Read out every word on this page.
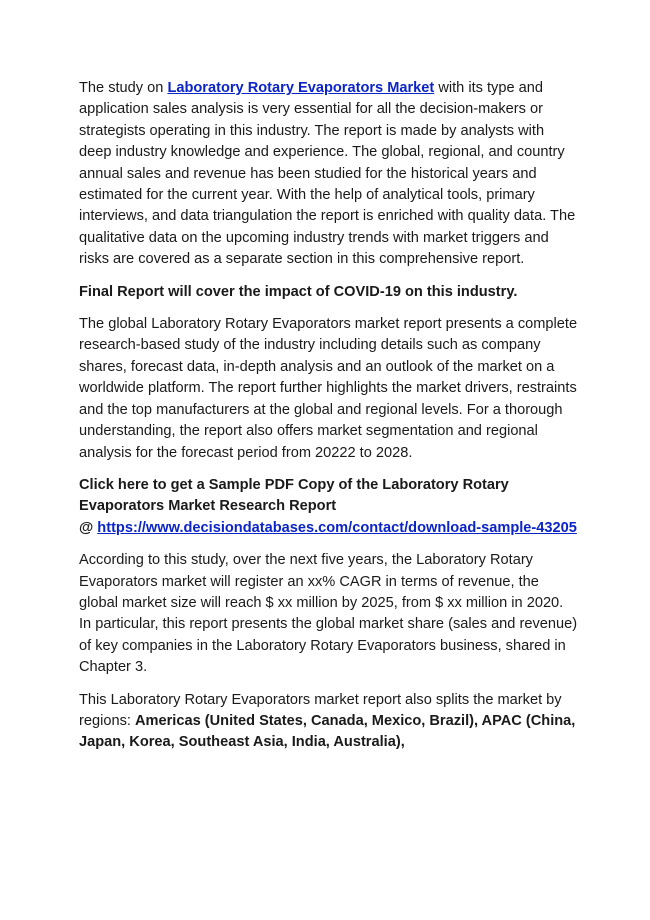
The study on Laboratory Rotary Evaporators Market with its type and application sales analysis is very essential for all the decision-makers or strategists operating in this industry. The report is made by analysts with deep industry knowledge and experience. The global, regional, and country annual sales and revenue has been studied for the historical years and estimated for the current year. With the help of analytical tools, primary interviews, and data triangulation the report is enriched with quality data. The qualitative data on the upcoming industry trends with market triggers and risks are covered as a separate section in this comprehensive report.

Final Report will cover the impact of COVID-19 on this industry.

The global Laboratory Rotary Evaporators market report presents a complete research-based study of the industry including details such as company shares, forecast data, in-depth analysis and an outlook of the market on a worldwide platform. The report further highlights the market drivers, restraints and the top manufacturers at the global and regional levels. For a thorough understanding, the report also offers market segmentation and regional analysis for the forecast period from 20222 to 2028.

Click here to get a Sample PDF Copy of the Laboratory Rotary Evaporators Market Research Report
@ https://www.decisiondatabases.com/contact/download-sample-43205

According to this study, over the next five years, the Laboratory Rotary Evaporators market will register an xx% CAGR in terms of revenue, the global market size will reach $ xx million by 2025, from $ xx million in 2020. In particular, this report presents the global market share (sales and revenue) of key companies in the Laboratory Rotary Evaporators business, shared in Chapter 3.

This Laboratory Rotary Evaporators market report also splits the market by regions: Americas (United States, Canada, Mexico, Brazil), APAC (China, Japan, Korea, Southeast Asia, India, Australia),
